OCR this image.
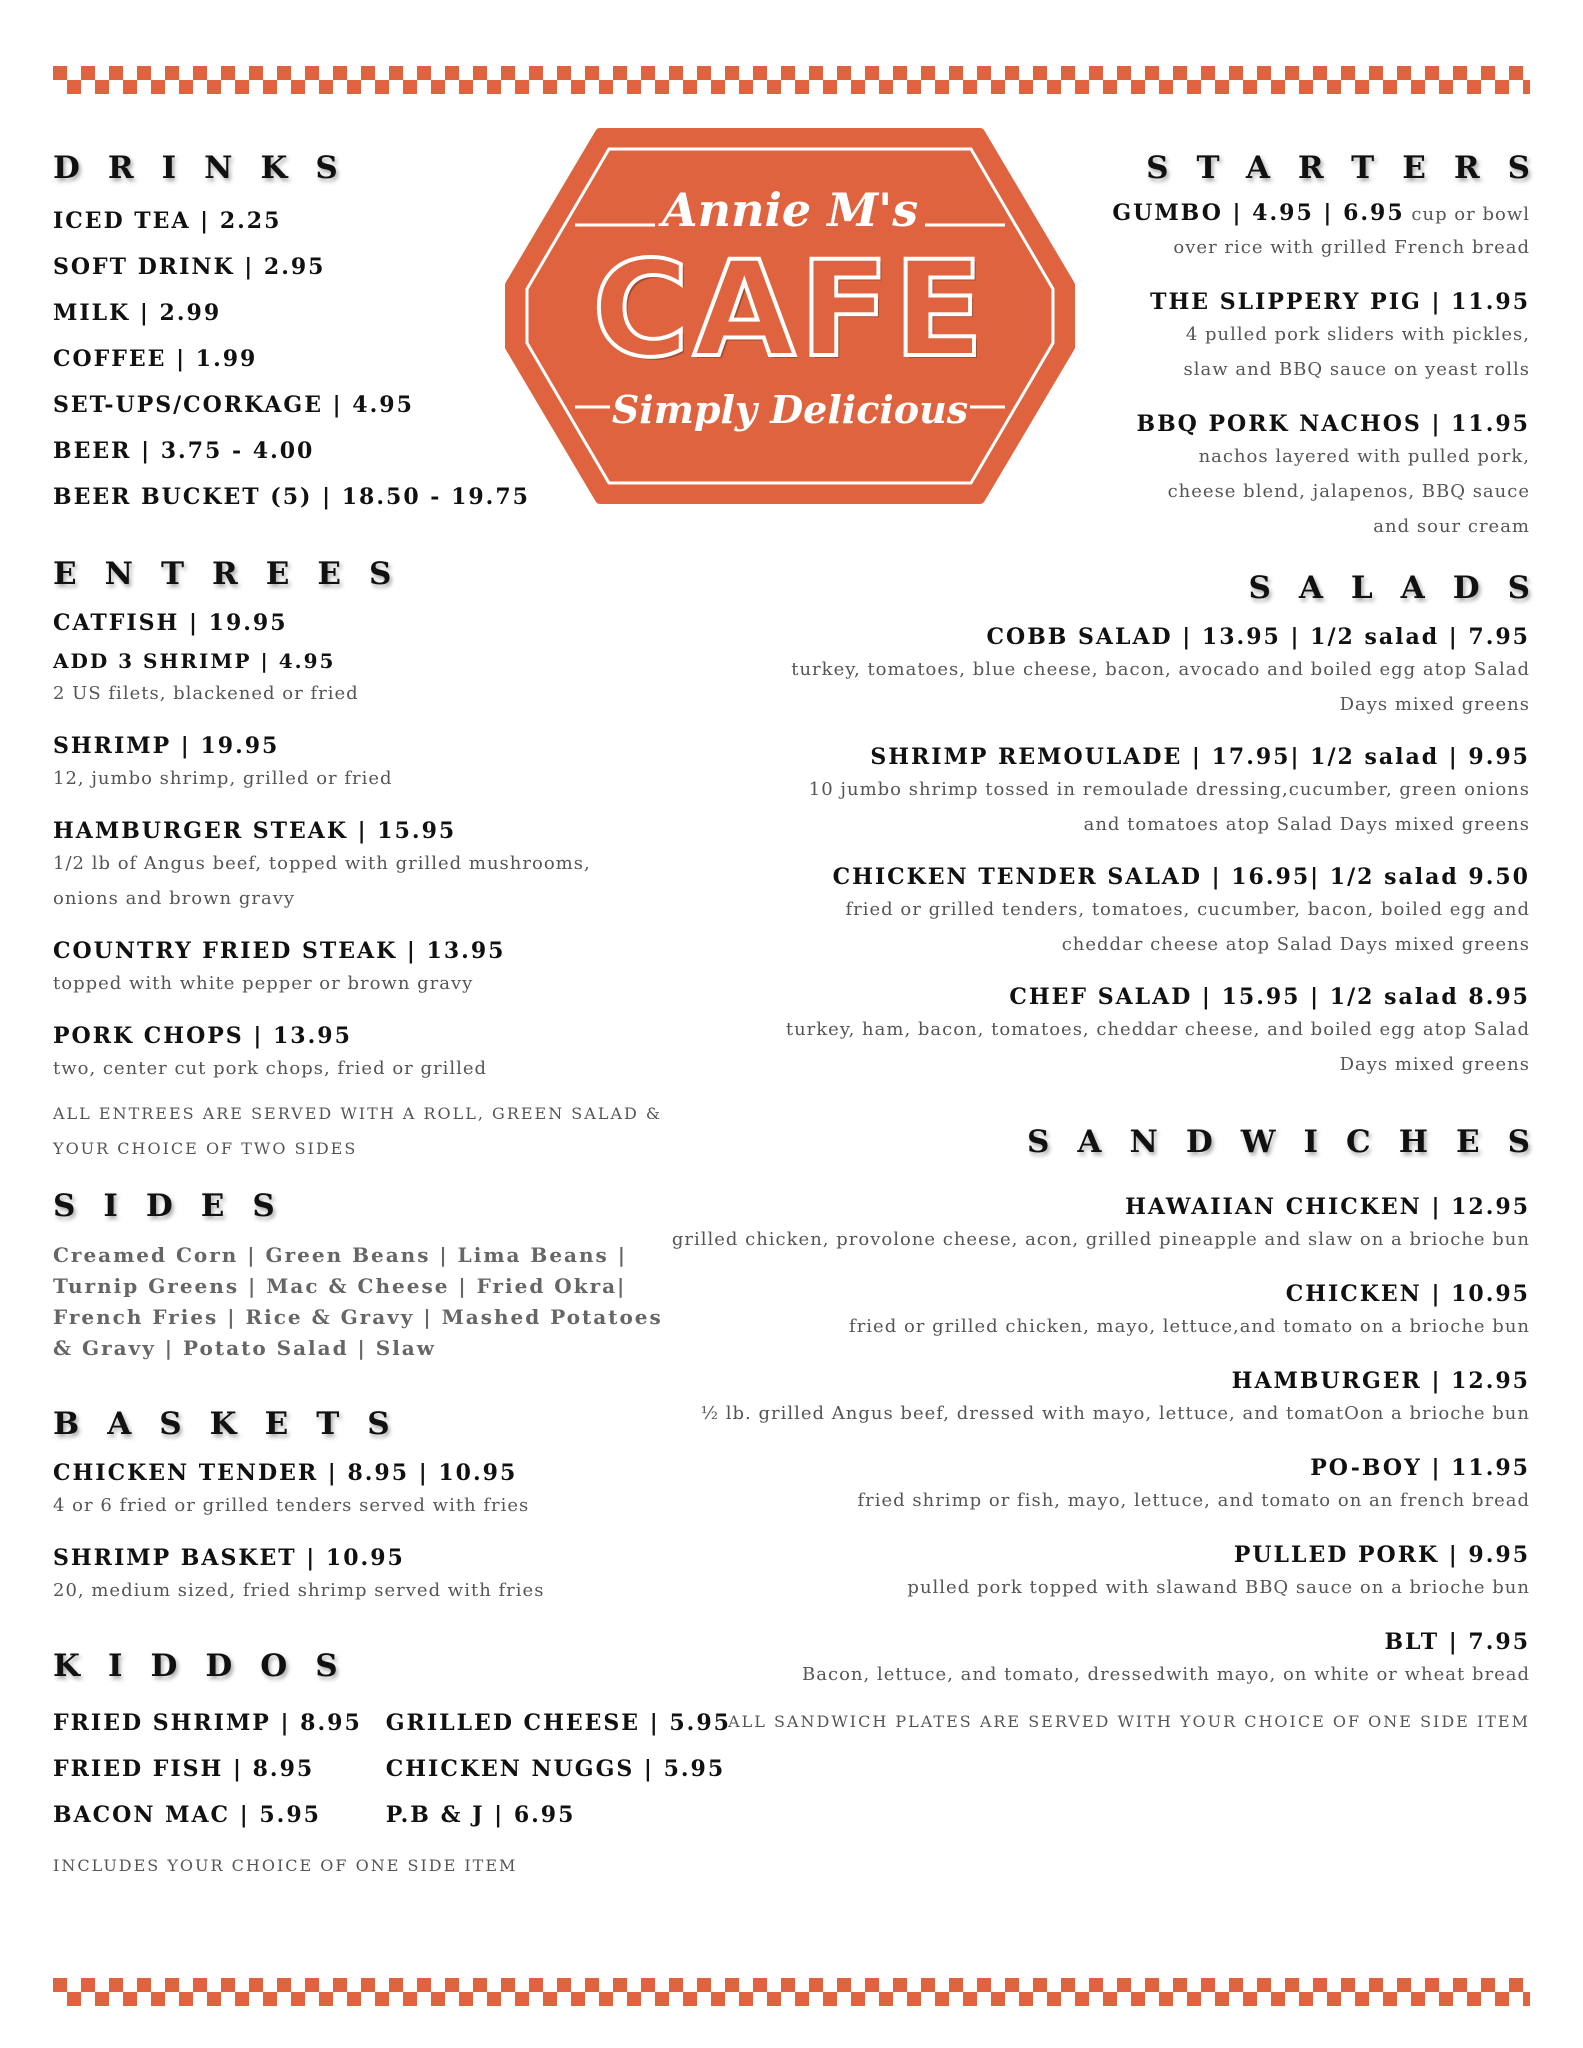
Annie M's
CAFE
Simply Delicious
DRINKS
ICED TEA | 2.25
SOFT DRINK | 2.95
MILK | 2.99
COFFEE | 1.99
SET-UPS/CORKAGE | 4.95
BEER | 3.75 - 4.00
BEER BUCKET (5) | 18.50 - 19.75
ENTREES
CATFISH | 19.95
ADD 3 SHRIMP | 4.95
2 US filets, blackened or fried
SHRIMP | 19.95
12, jumbo shrimp, grilled or fried
HAMBURGER STEAK | 15.95
1/2 lb of Angus beef, topped with grilled mushrooms, onions and brown gravy
COUNTRY FRIED STEAK | 13.95
topped with white pepper or brown gravy
PORK CHOPS | 13.95
two, center cut pork chops, fried or grilled
ALL ENTREES ARE SERVED WITH A ROLL, GREEN SALAD & YOUR CHOICE OF TWO SIDES
SIDES
Creamed Corn | Green Beans | Lima Beans | Turnip Greens | Mac & Cheese | Fried Okra| French Fries | Rice & Gravy | Mashed Potatoes & Gravy | Potato Salad | Slaw
BASKETS
CHICKEN TENDER | 8.95 | 10.95
4 or 6 fried or grilled tenders served with fries
SHRIMP BASKET | 10.95
20, medium sized, fried shrimp served with fries
KIDDOS
FRIED SHRIMP | 8.95
FRIED FISH | 8.95
BACON MAC | 5.95
GRILLED CHEESE | 5.95
CHICKEN NUGGS | 5.95
P.B & J | 6.95
INCLUDES YOUR CHOICE OF ONE SIDE ITEM
STARTERS
GUMBO | 4.95 | 6.95 cup or bowl
over rice with grilled French bread
THE SLIPPERY PIG | 11.95
4 pulled pork sliders with pickles,
slaw and BBQ sauce on yeast rolls
BBQ PORK NACHOS | 11.95
nachos layered with pulled pork,
cheese blend, jalapenos, BBQ sauce
and sour cream
SALADS
COBB SALAD | 13.95 | 1/2 salad | 7.95
turkey, tomatoes, blue cheese, bacon, avocado and boiled egg atop Salad
Days mixed greens
SHRIMP REMOULADE | 17.95| 1/2 salad | 9.95
10 jumbo shrimp tossed in remoulade dressing,cucumber, green onions
and tomatoes atop Salad Days mixed greens
CHICKEN TENDER SALAD | 16.95| 1/2 salad 9.50
fried or grilled tenders, tomatoes, cucumber, bacon, boiled egg and
cheddar cheese atop Salad Days mixed greens
CHEF SALAD | 15.95 | 1/2 salad 8.95
turkey, ham, bacon, tomatoes, cheddar cheese, and boiled egg atop Salad
Days mixed greens
SANDWICHES
HAWAIIAN CHICKEN | 12.95
grilled chicken, provolone cheese, acon, grilled pineapple and slaw on a brioche bun
CHICKEN | 10.95
fried or grilled chicken, mayo, lettuce,and tomato on a brioche bun
HAMBURGER | 12.95
½ lb. grilled Angus beef, dressed with mayo, lettuce, and tomatOon a brioche bun
PO-BOY | 11.95
fried shrimp or fish, mayo, lettuce, and tomato on an french bread
PULLED PORK | 9.95
pulled pork topped with slawand BBQ sauce on a brioche bun
BLT | 7.95
Bacon, lettuce, and tomato, dressedwith mayo, on white or wheat bread
ALL SANDWICH PLATES ARE SERVED WITH YOUR CHOICE OF ONE SIDE ITEM
